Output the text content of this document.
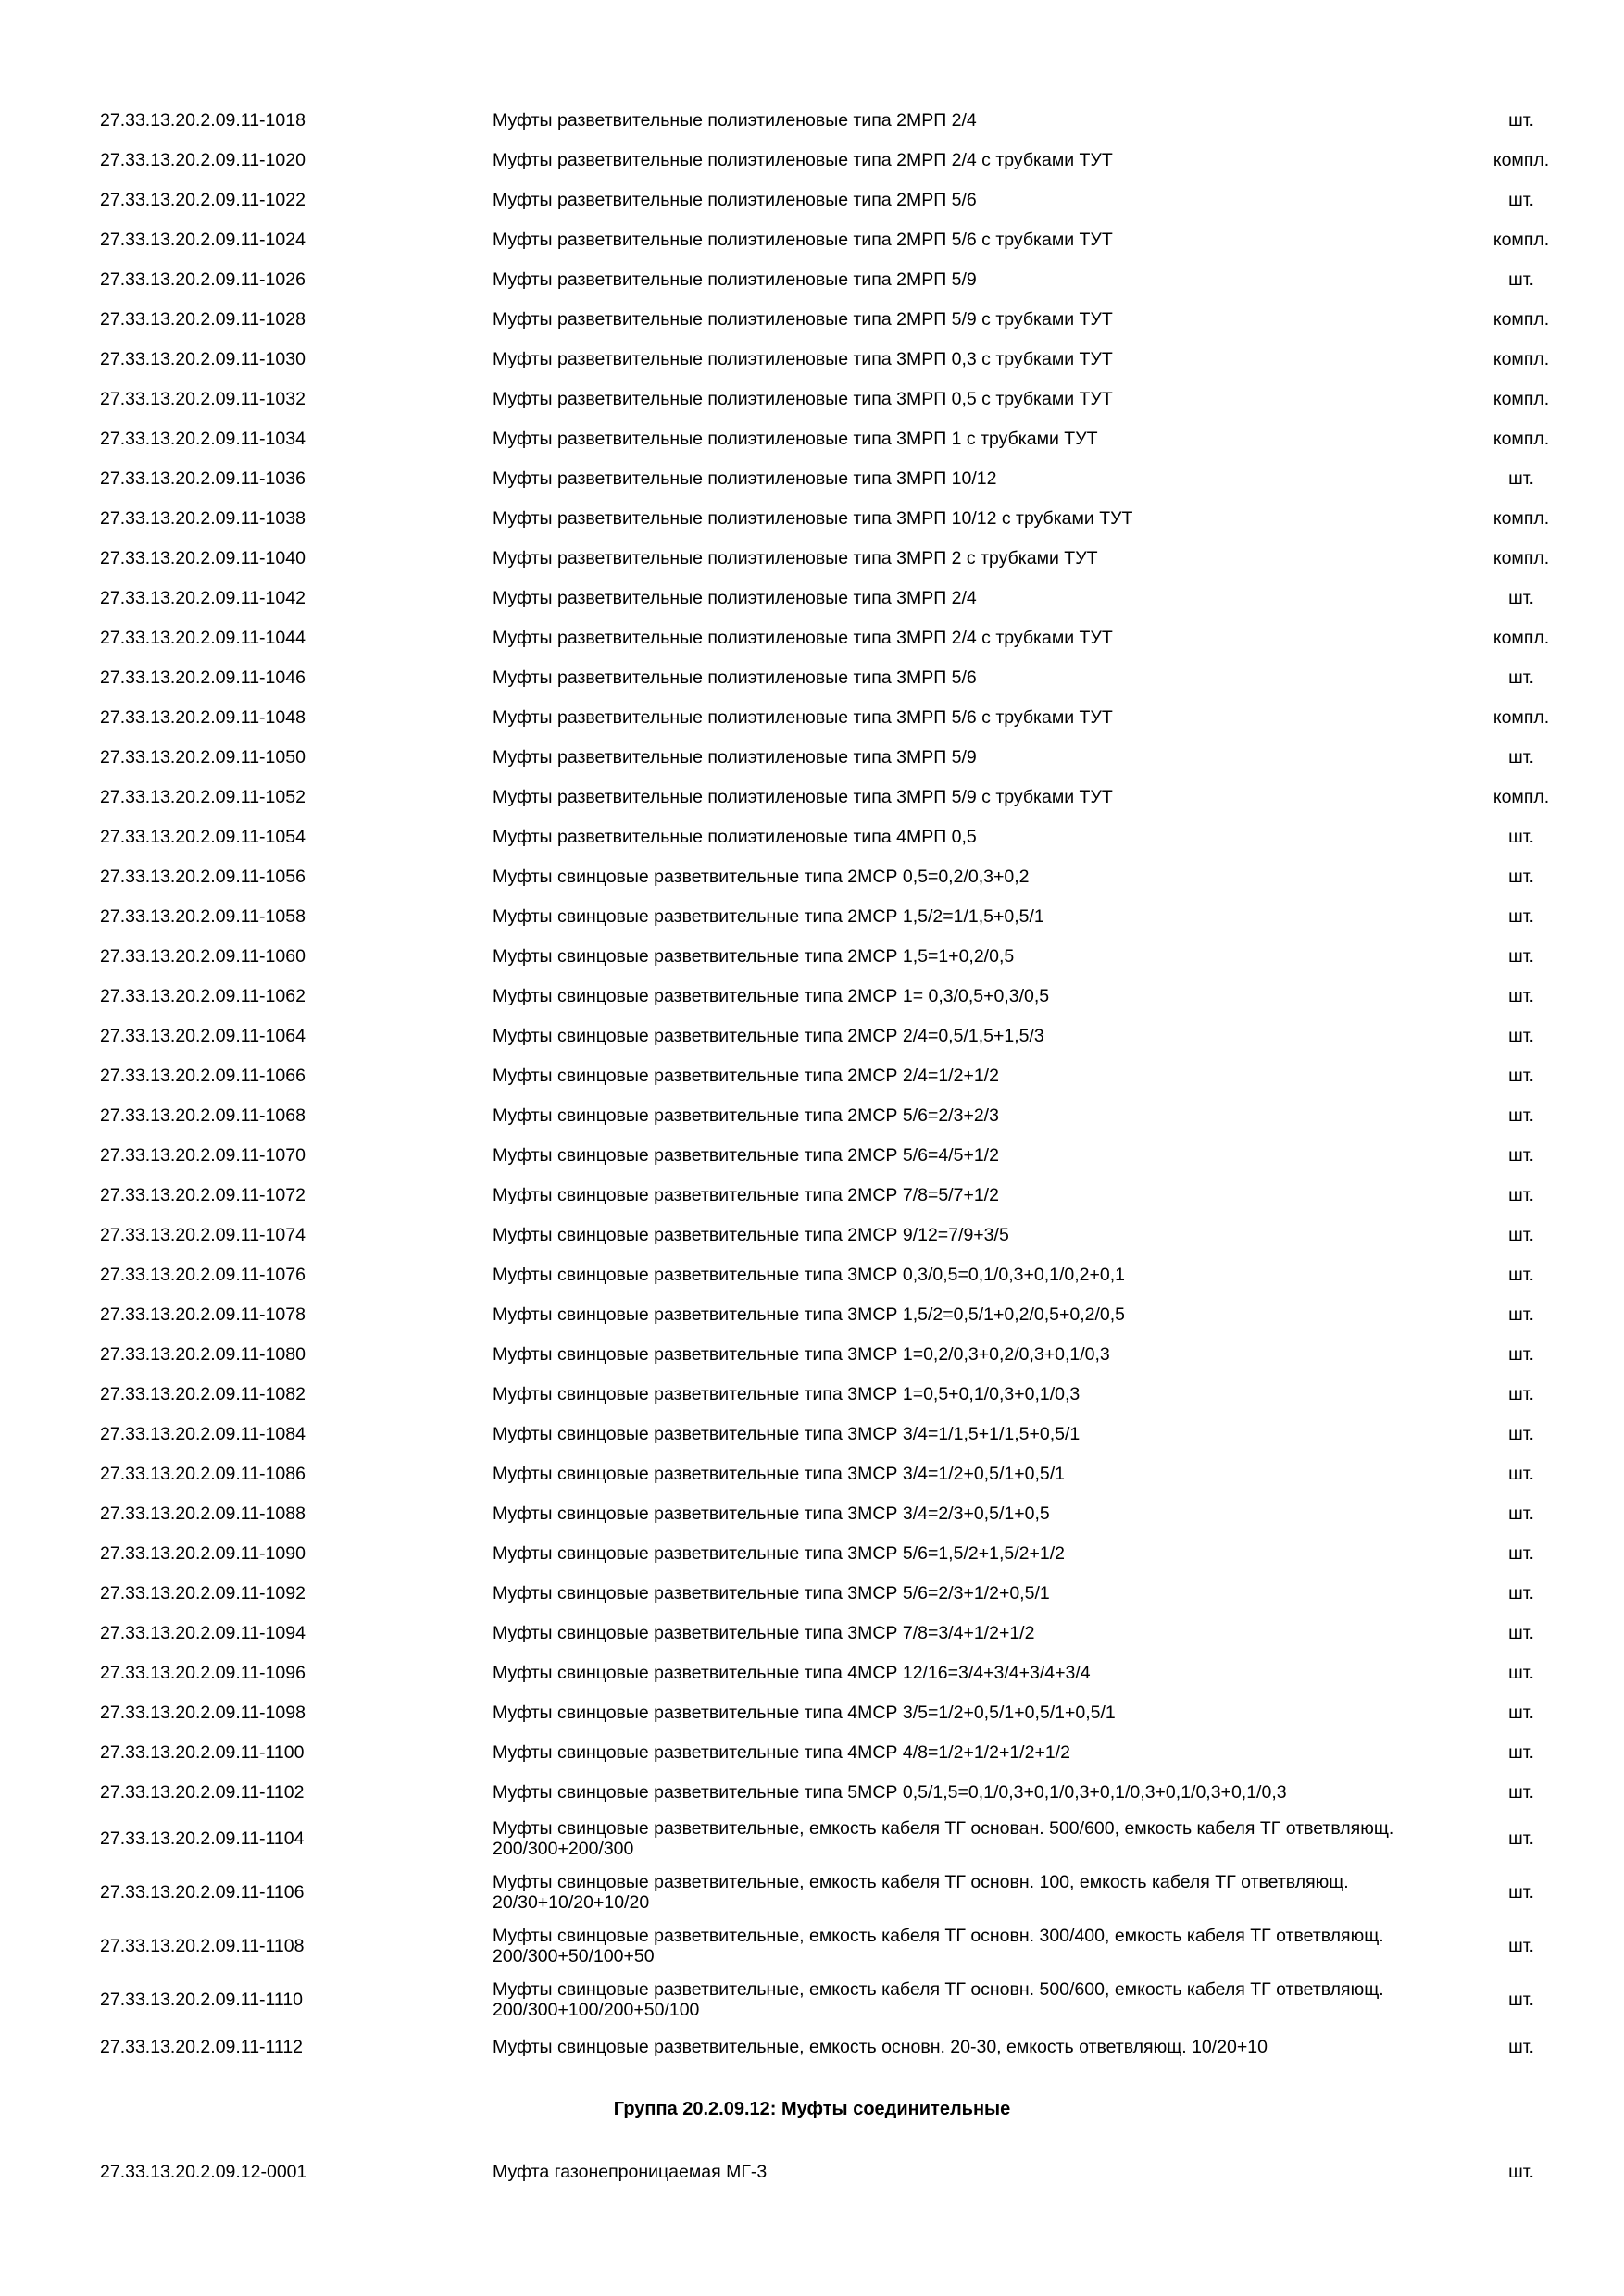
27.33.13.20.2.09.11-1018	Муфты разветвительные полиэтиленовые типа 2МРП 2/4	шт.
27.33.13.20.2.09.11-1020	Муфты разветвительные полиэтиленовые типа 2МРП 2/4 с трубками ТУТ	компл.
27.33.13.20.2.09.11-1022	Муфты разветвительные полиэтиленовые типа 2МРП 5/6	шт.
27.33.13.20.2.09.11-1024	Муфты разветвительные полиэтиленовые типа 2МРП 5/6 с трубками ТУТ	компл.
27.33.13.20.2.09.11-1026	Муфты разветвительные полиэтиленовые типа 2МРП 5/9	шт.
27.33.13.20.2.09.11-1028	Муфты разветвительные полиэтиленовые типа 2МРП 5/9 с трубками ТУТ	компл.
27.33.13.20.2.09.11-1030	Муфты разветвительные полиэтиленовые типа 3МРП 0,3 с трубками ТУТ	компл.
27.33.13.20.2.09.11-1032	Муфты разветвительные полиэтиленовые типа 3МРП 0,5 с трубками ТУТ	компл.
27.33.13.20.2.09.11-1034	Муфты разветвительные полиэтиленовые типа 3МРП 1 с трубками ТУТ	компл.
27.33.13.20.2.09.11-1036	Муфты разветвительные полиэтиленовые типа 3МРП 10/12	шт.
27.33.13.20.2.09.11-1038	Муфты разветвительные полиэтиленовые типа 3МРП 10/12 с трубками ТУТ	компл.
27.33.13.20.2.09.11-1040	Муфты разветвительные полиэтиленовые типа 3МРП 2 с трубками ТУТ	компл.
27.33.13.20.2.09.11-1042	Муфты разветвительные полиэтиленовые типа 3МРП 2/4	шт.
27.33.13.20.2.09.11-1044	Муфты разветвительные полиэтиленовые типа 3МРП 2/4 с трубками ТУТ	компл.
27.33.13.20.2.09.11-1046	Муфты разветвительные полиэтиленовые типа 3МРП 5/6	шт.
27.33.13.20.2.09.11-1048	Муфты разветвительные полиэтиленовые типа 3МРП 5/6 с трубками ТУТ	компл.
27.33.13.20.2.09.11-1050	Муфты разветвительные полиэтиленовые типа 3МРП 5/9	шт.
27.33.13.20.2.09.11-1052	Муфты разветвительные полиэтиленовые типа 3МРП 5/9 с трубками ТУТ	компл.
27.33.13.20.2.09.11-1054	Муфты разветвительные полиэтиленовые типа 4МРП 0,5	шт.
27.33.13.20.2.09.11-1056	Муфты свинцовые разветвительные типа 2МСР 0,5=0,2/0,3+0,2	шт.
27.33.13.20.2.09.11-1058	Муфты свинцовые разветвительные типа 2МСР 1,5/2=1/1,5+0,5/1	шт.
27.33.13.20.2.09.11-1060	Муфты свинцовые разветвительные типа 2МСР 1,5=1+0,2/0,5	шт.
27.33.13.20.2.09.11-1062	Муфты свинцовые разветвительные типа 2МСР 1= 0,3/0,5+0,3/0,5	шт.
27.33.13.20.2.09.11-1064	Муфты свинцовые разветвительные типа 2МСР 2/4=0,5/1,5+1,5/3	шт.
27.33.13.20.2.09.11-1066	Муфты свинцовые разветвительные типа 2МСР 2/4=1/2+1/2	шт.
27.33.13.20.2.09.11-1068	Муфты свинцовые разветвительные типа 2МСР 5/6=2/3+2/3	шт.
27.33.13.20.2.09.11-1070	Муфты свинцовые разветвительные типа 2МСР 5/6=4/5+1/2	шт.
27.33.13.20.2.09.11-1072	Муфты свинцовые разветвительные типа 2МСР 7/8=5/7+1/2	шт.
27.33.13.20.2.09.11-1074	Муфты свинцовые разветвительные типа 2МСР 9/12=7/9+3/5	шт.
27.33.13.20.2.09.11-1076	Муфты свинцовые разветвительные типа 3МСР 0,3/0,5=0,1/0,3+0,1/0,2+0,1	шт.
27.33.13.20.2.09.11-1078	Муфты свинцовые разветвительные типа 3МСР 1,5/2=0,5/1+0,2/0,5+0,2/0,5	шт.
27.33.13.20.2.09.11-1080	Муфты свинцовые разветвительные типа 3МСР 1=0,2/0,3+0,2/0,3+0,1/0,3	шт.
27.33.13.20.2.09.11-1082	Муфты свинцовые разветвительные типа 3МСР 1=0,5+0,1/0,3+0,1/0,3	шт.
27.33.13.20.2.09.11-1084	Муфты свинцовые разветвительные типа 3МСР 3/4=1/1,5+1/1,5+0,5/1	шт.
27.33.13.20.2.09.11-1086	Муфты свинцовые разветвительные типа 3МСР 3/4=1/2+0,5/1+0,5/1	шт.
27.33.13.20.2.09.11-1088	Муфты свинцовые разветвительные типа 3МСР 3/4=2/3+0,5/1+0,5	шт.
27.33.13.20.2.09.11-1090	Муфты свинцовые разветвительные типа 3МСР 5/6=1,5/2+1,5/2+1/2	шт.
27.33.13.20.2.09.11-1092	Муфты свинцовые разветвительные типа 3МСР 5/6=2/3+1/2+0,5/1	шт.
27.33.13.20.2.09.11-1094	Муфты свинцовые разветвительные типа 3МСР 7/8=3/4+1/2+1/2	шт.
27.33.13.20.2.09.11-1096	Муфты свинцовые разветвительные типа 4МСР 12/16=3/4+3/4+3/4+3/4	шт.
27.33.13.20.2.09.11-1098	Муфты свинцовые разветвительные типа 4МСР 3/5=1/2+0,5/1+0,5/1+0,5/1	шт.
27.33.13.20.2.09.11-1100	Муфты свинцовые разветвительные типа 4МСР 4/8=1/2+1/2+1/2+1/2	шт.
27.33.13.20.2.09.11-1102	Муфты свинцовые разветвительные типа 5МСР 0,5/1,5=0,1/0,3+0,1/0,3+0,1/0,3+0,1/0,3+0,1/0,3	шт.
27.33.13.20.2.09.11-1104	Муфты свинцовые разветвительные, емкость кабеля ТГ основан. 500/600, емкость кабеля ТГ ответвляющ. 200/300+200/300	шт.
27.33.13.20.2.09.11-1106	Муфты свинцовые разветвительные, емкость кабеля ТГ основн. 100, емкость кабеля ТГ ответвляющ. 20/30+10/20+10/20	шт.
27.33.13.20.2.09.11-1108	Муфты свинцовые разветвительные, емкость кабеля ТГ основн. 300/400, емкость кабеля ТГ ответвляющ. 200/300+50/100+50	шт.
27.33.13.20.2.09.11-1110	Муфты свинцовые разветвительные, емкость кабеля ТГ основн. 500/600, емкость кабеля ТГ ответвляющ. 200/300+100/200+50/100	шт.
27.33.13.20.2.09.11-1112	Муфты свинцовые разветвительные, емкость основн. 20-30, емкость ответвляющ. 10/20+10	шт.
Группа 20.2.09.12: Муфты соединительные
27.33.13.20.2.09.12-0001	Муфта газонепроницаемая МГ-3	шт.
